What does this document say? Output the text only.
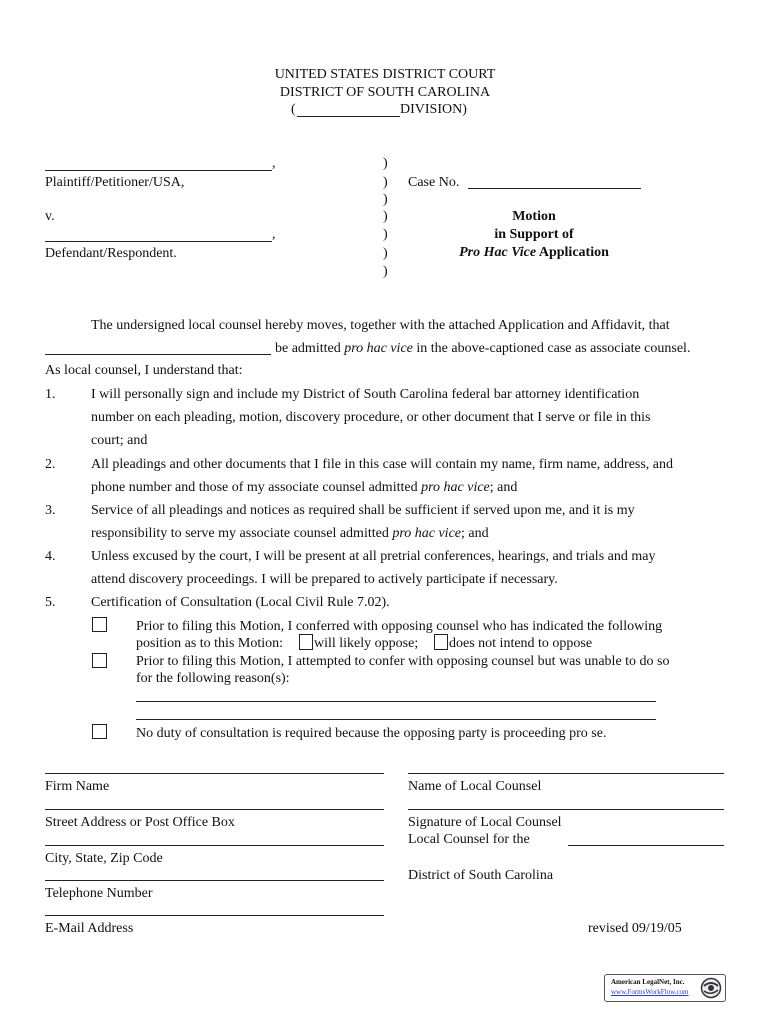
UNITED STATES DISTRICT COURT
DISTRICT OF SOUTH CAROLINA
(	DIVISION)
,
Plaintiff/Petitioner/USA,
v.
,
Defendant/Respondent.
)
)
)
)
)
)
)
Case No.
Motion
in Support of
Pro Hac Vice Application
The undersigned local counsel hereby moves, together with the attached Application and Affidavit, that
be admitted pro hac vice in the above-captioned case as associate counsel.
As local counsel, I understand that:
1.	I will personally sign and include my District of South Carolina federal bar attorney identification
number on each pleading, motion, discovery procedure, or other document that I serve or file in this
court; and
2.	All pleadings and other documents that I file in this case will contain my name, firm name, address, and
phone number and those of my associate counsel admitted pro hac vice; and
3.	Service of all pleadings and notices as required shall be sufficient if served upon me, and it is my
responsibility to serve my associate counsel admitted pro hac vice; and
4.	Unless excused by the court, I will be present at all pretrial conferences, hearings, and trials and may
attend discovery proceedings. I will be prepared to actively participate if necessary.
5.	Certification of Consultation (Local Civil Rule 7.02).
Prior to filing this Motion, I conferred with opposing counsel who has indicated the following
position as to this Motion: will likely oppose; does not intend to oppose
Prior to filing this Motion, I attempted to confer with opposing counsel but was unable to do so
for the following reason(s):
No duty of consultation is required because the opposing party is proceeding pro se.
Firm Name
Street Address or Post Office Box
City, State, Zip Code
Telephone Number
E-Mail Address
Name of Local Counsel
Signature of Local Counsel
Local Counsel for the
District of South Carolina
revised 09/19/05
American LegalNet, Inc.
www.FormsWorkFlow.com
